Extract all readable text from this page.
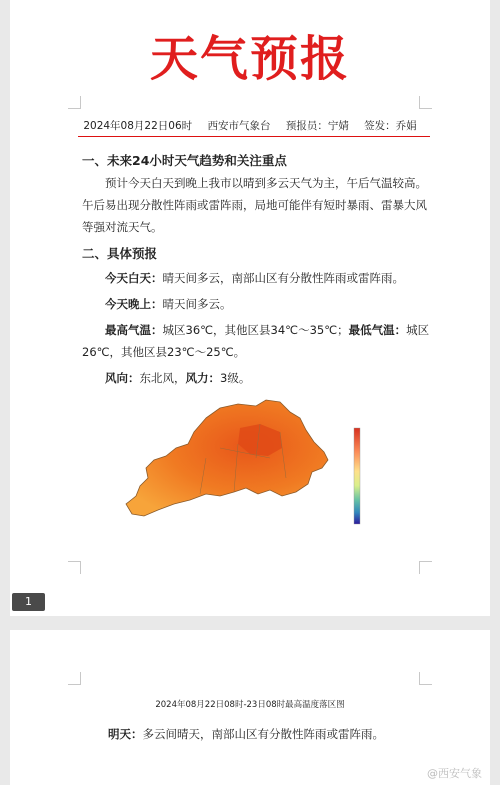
天气预报
2024年08月22日06时 西安市气象台 预报员：宁婧 签发：乔娟
一、未来24小时天气趋势和关注重点

预计今天白天到晚上我市以晴到多云天气为主，午后气温较高。午后易出现分散性阵雨或雷阵雨，局地可能伴有短时暴雨、雷暴大风等强对流天气。

二、具体预报

今天白天：晴天间多云，南部山区有分散性阵雨或雷阵雨。

今天晚上：晴天间多云。

最高气温：城区36℃，其他区县34℃～35℃；最低气温：城区26℃，其他区县23℃～25℃。

风向：东北风，风力：3级。

1
2024年08月22日08时-23日08时最高温度落区图
明天：多云间晴天，南部山区有分散性阵雨或雷阵雨。
@西安气象
